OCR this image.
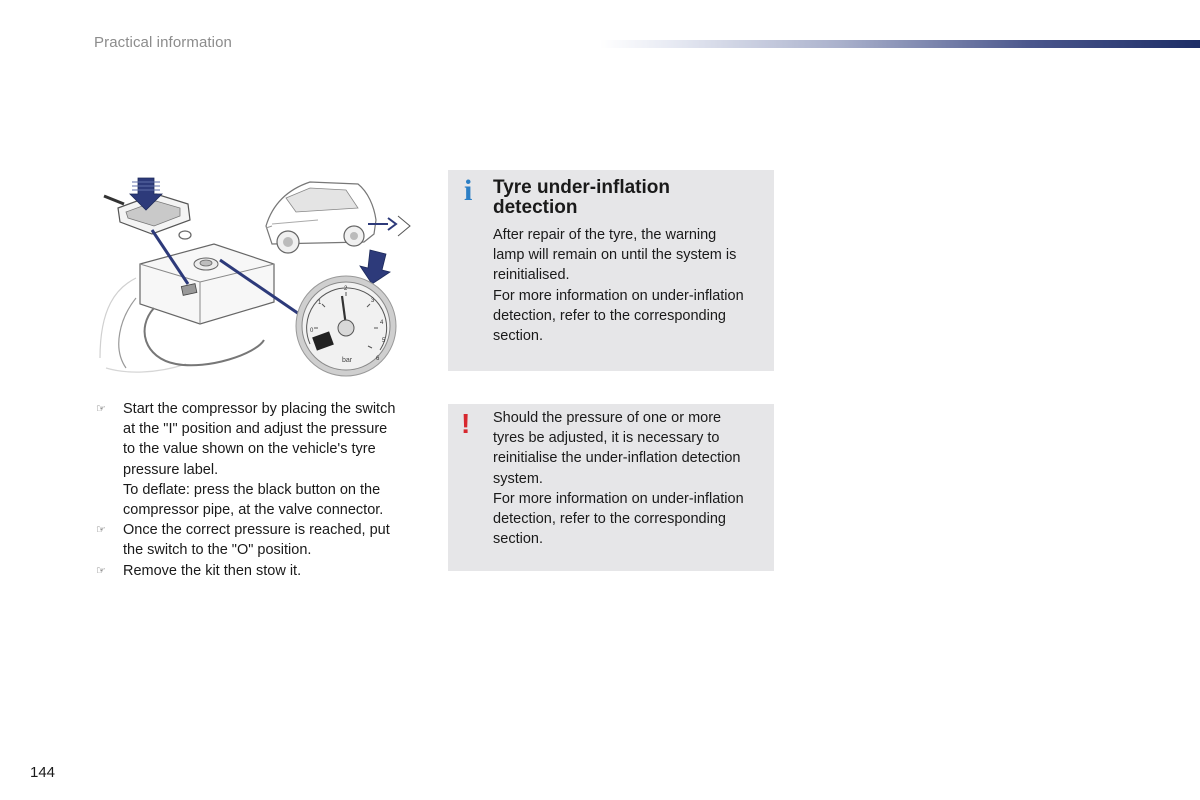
Practical information
0
1
2
3
4
5
6
bar
☞ Start the compressor by placing the switch

at the "I" position and adjust the pressure

to the value shown on the vehicle's tyre

pressure label.

To deflate: press the black button on the

compressor pipe, at the valve connector.

☞ Once the correct pressure is reached, put

the switch to the "O" position.

☞ Remove the kit then stow it.

i Tyre under-inflation detection

After repair of the tyre, the warning

lamp will remain on until the system is

reinitialised.

For more information on under-inflation

detection, refer to the corresponding

section.

! Should the pressure of one or more

tyres be adjusted, it is necessary to

reinitialise the under-inflation detection

system.

For more information on under-inflation

detection, refer to the corresponding

section.

144
